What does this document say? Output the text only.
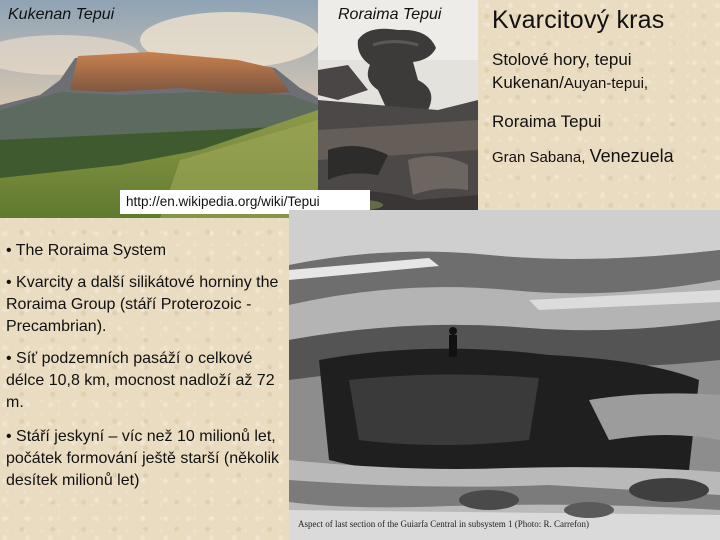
Kukenan Tepui	Roraima Tepui Kvarcitový kras
Stolové hory, tepui
Kukenan/Auyan-tepui,
Roraima Tepui
Gran Sabana, Venezuela
http://en.wikipedia.org/wiki/Tepui
• The Roraima System
• Kvarcity a další silikátové horniny the Roraima Group (stáří Proterozoic - Precambrian).
• Síť podzemních pasáží o celkové délce 10,8 km, mocnost nadloží až 72 m.
• Stáří jeskyní – víc než 10 milionů let, počátek formování ještě starší (několik desítek milionů let)
Aspect of last section of the Guiarfa Central in subsystem 1 (Photo: R. Carrefon)
